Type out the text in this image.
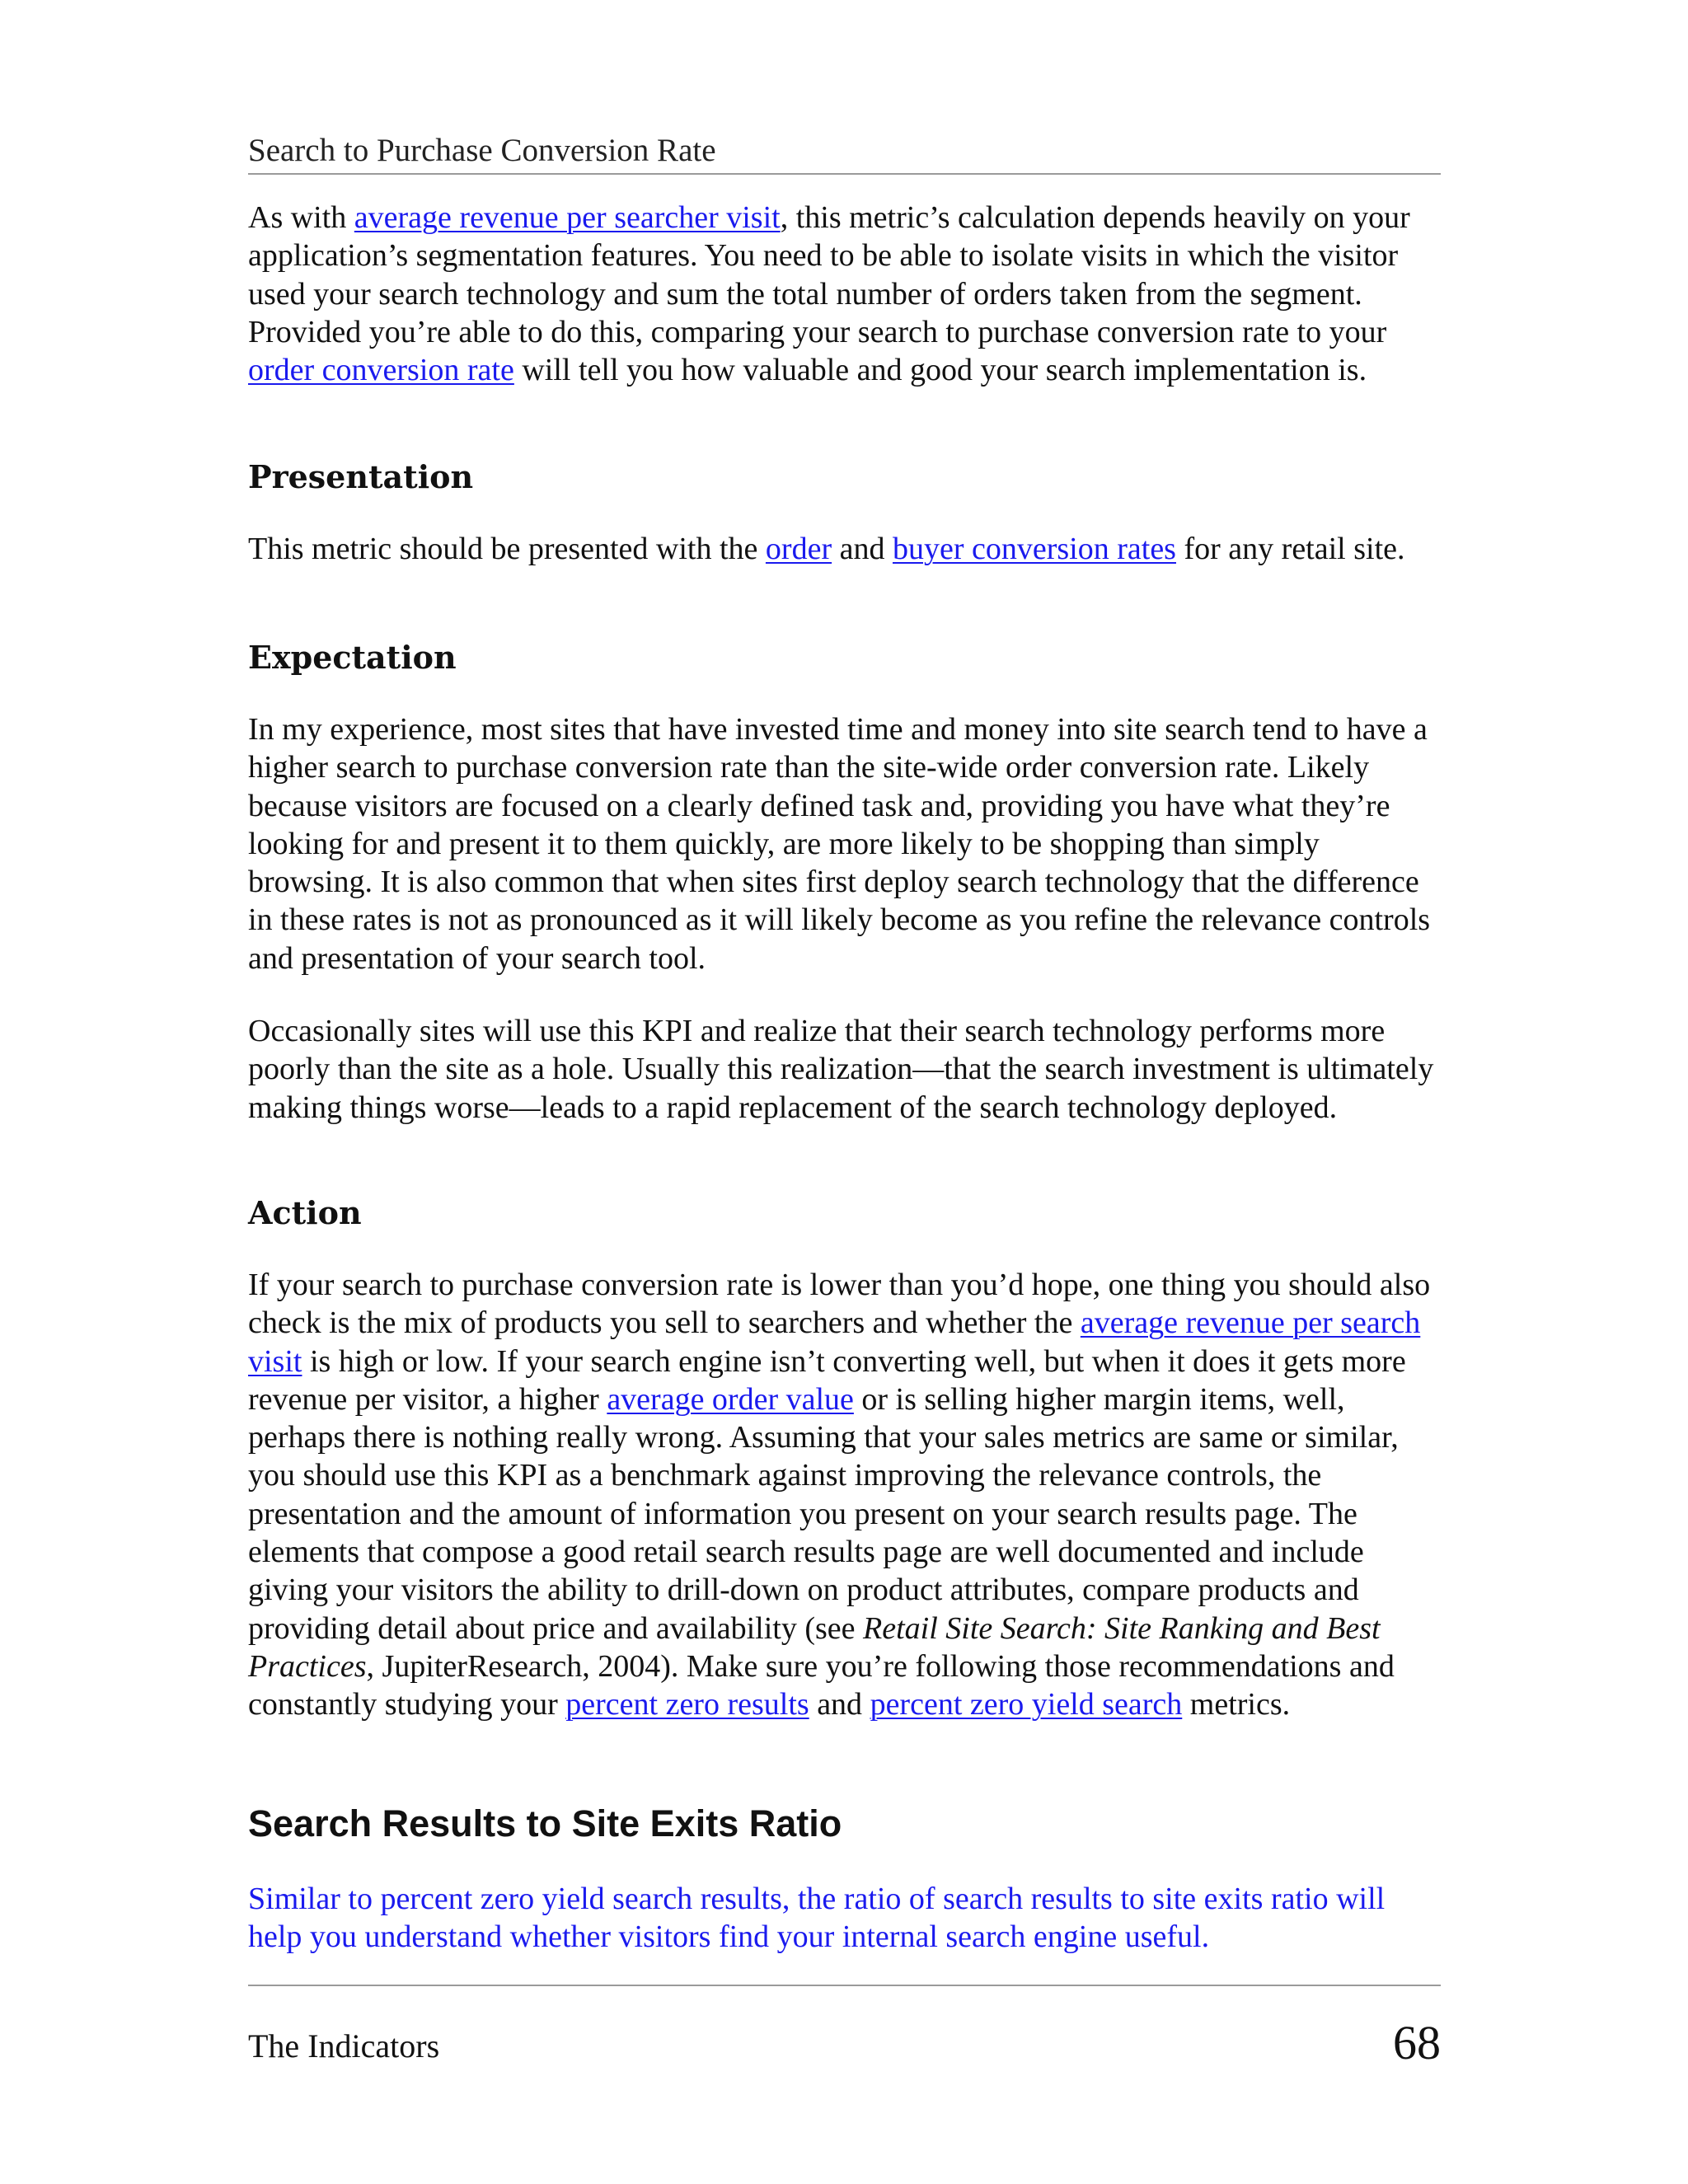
Search to Purchase Conversion Rate

As with average revenue per searcher visit, this metric’s calculation depends heavily on your application’s segmentation features. You need to be able to isolate visits in which the visitor used your search technology and sum the total number of orders taken from the segment. Provided you’re able to do this, comparing your search to purchase conversion rate to your order conversion rate will tell you how valuable and good your search implementation is.

Presentation

This metric should be presented with the order and buyer conversion rates for any retail site.

Expectation

In my experience, most sites that have invested time and money into site search tend to have a higher search to purchase conversion rate than the site-wide order conversion rate. Likely because visitors are focused on a clearly defined task and, providing you have what they’re looking for and present it to them quickly, are more likely to be shopping than simply browsing. It is also common that when sites first deploy search technology that the difference in these rates is not as pronounced as it will likely become as you refine the relevance controls and presentation of your search tool.

Occasionally sites will use this KPI and realize that their search technology performs more poorly than the site as a hole. Usually this realization—that the search investment is ultimately making things worse—leads to a rapid replacement of the search technology deployed.

Action

If your search to purchase conversion rate is lower than you’d hope, one thing you should also check is the mix of products you sell to searchers and whether the average revenue per search visit is high or low. If your search engine isn’t converting well, but when it does it gets more revenue per visitor, a higher average order value or is selling higher margin items, well, perhaps there is nothing really wrong. Assuming that your sales metrics are same or similar, you should use this KPI as a benchmark against improving the relevance controls, the presentation and the amount of information you present on your search results page. The elements that compose a good retail search results page are well documented and include giving your visitors the ability to drill-down on product attributes, compare products and providing detail about price and availability (see Retail Site Search: Site Ranking and Best Practices, JupiterResearch, 2004). Make sure you’re following those recommendations and constantly studying your percent zero results and percent zero yield search metrics.

Search Results to Site Exits Ratio

Similar to percent zero yield search results, the ratio of search results to site exits ratio will help you understand whether visitors find your internal search engine useful.

The Indicators	68
